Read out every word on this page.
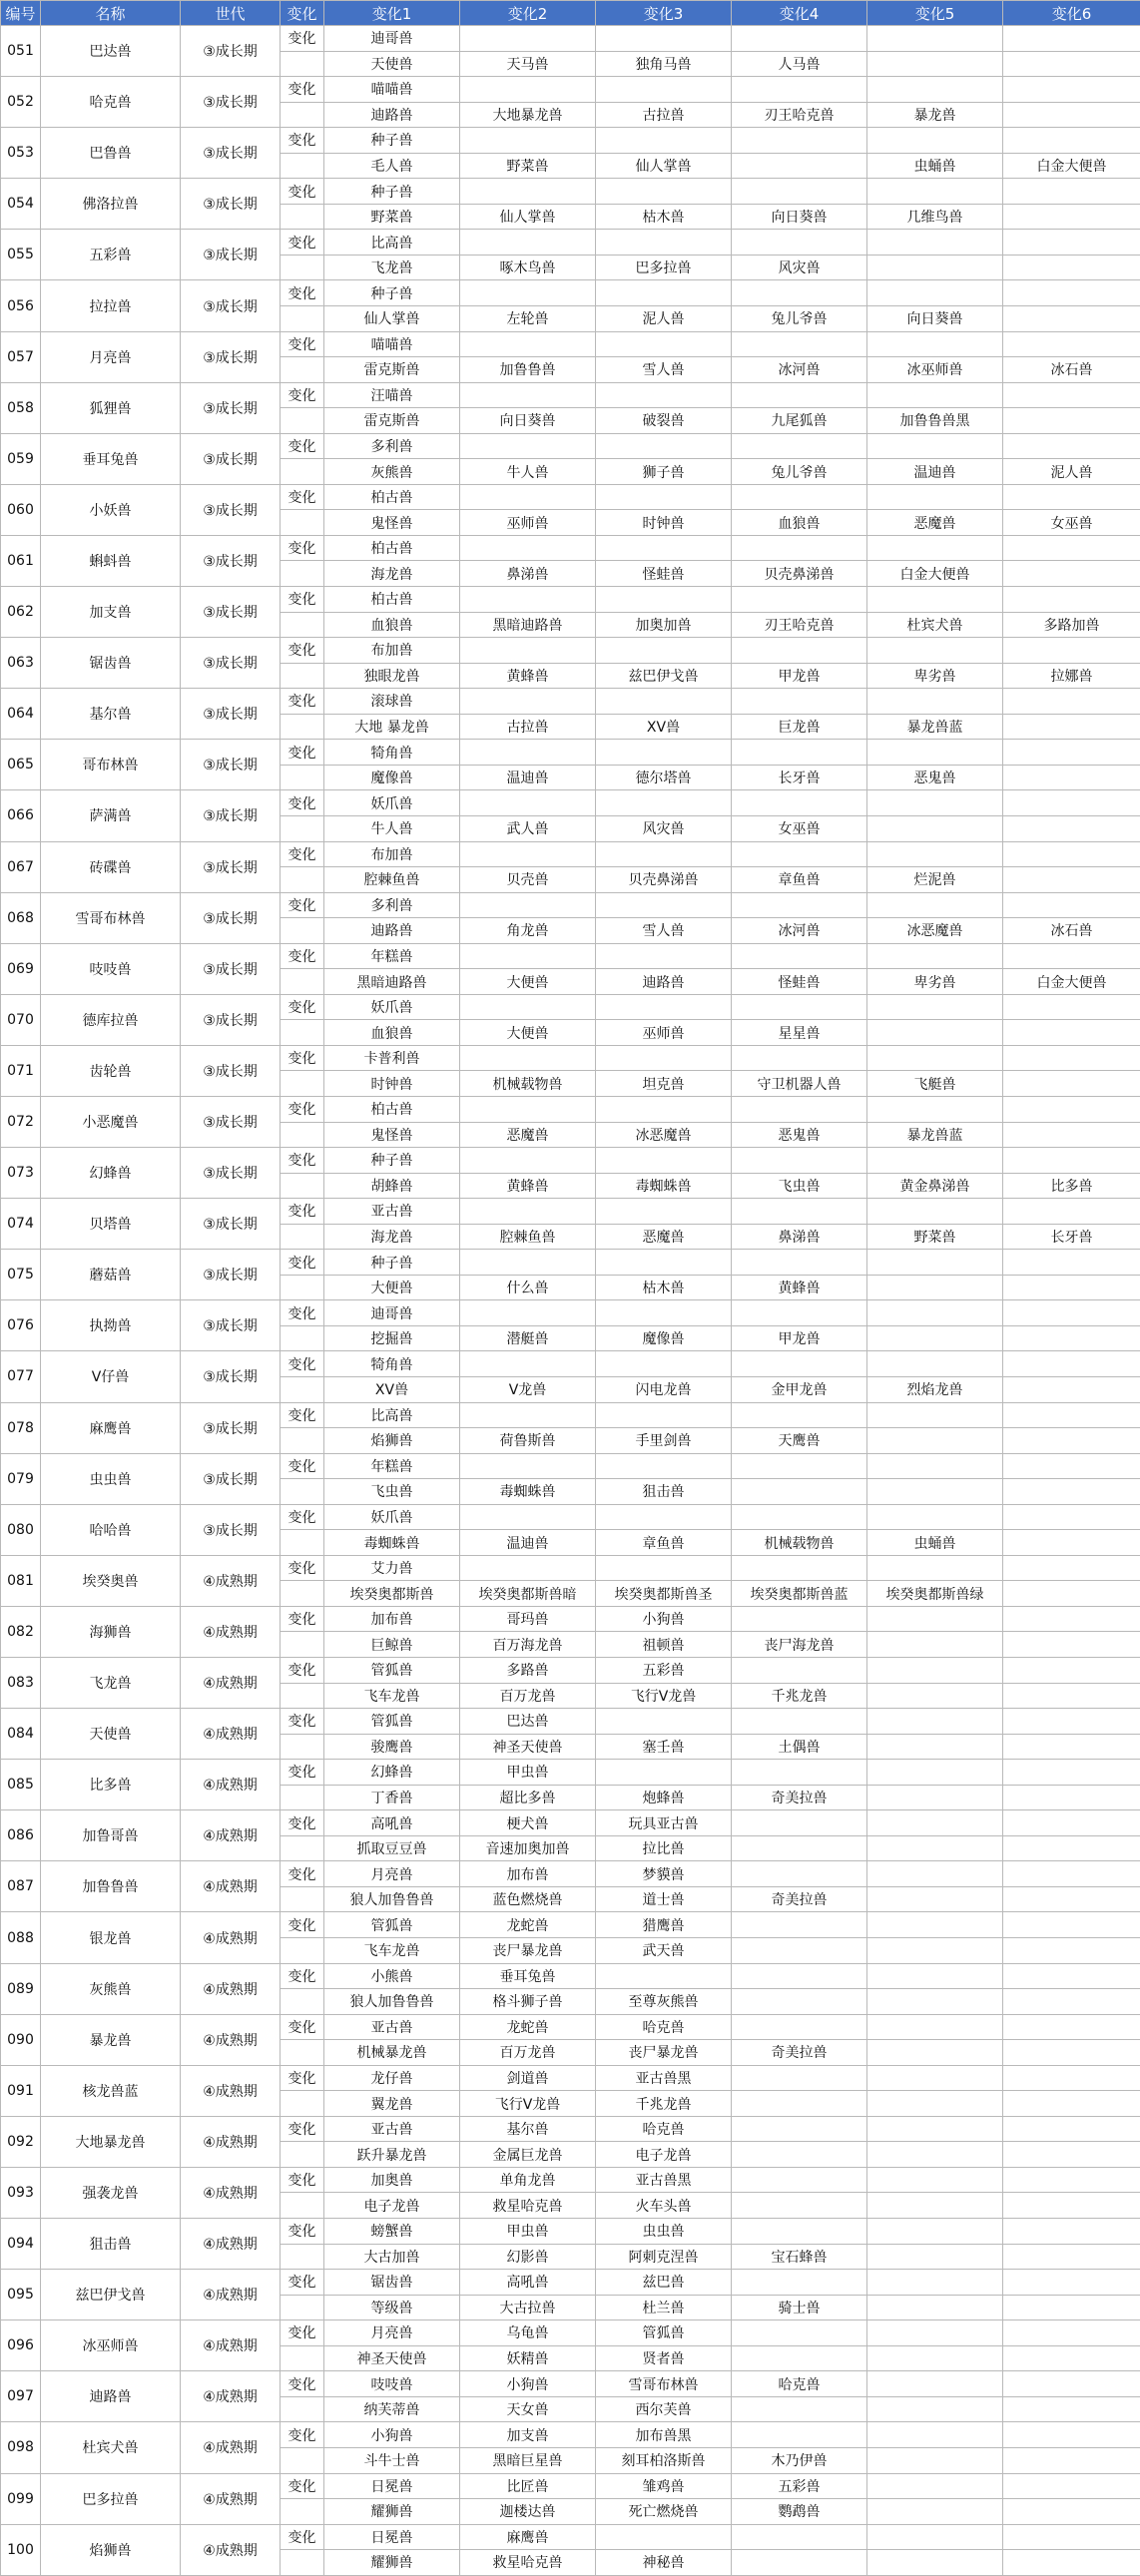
编号	名称	世代	变化	变化1	变化2	变化3	变化4	变化5	变化6
051	巴达兽	③成长期	变化	迪哥兽					
				天使兽	天马兽	独角马兽	人马兽		
052	哈克兽	③成长期	变化	喵喵兽					
				迪路兽	大地暴龙兽	古拉兽	刃王哈克兽	暴龙兽	
053	巴鲁兽	③成长期	变化	种子兽					
				毛人兽	野菜兽	仙人掌兽		虫蛹兽	白金大便兽
054	佛洛拉兽	③成长期	变化	种子兽					
				野菜兽	仙人掌兽	枯木兽	向日葵兽	几维鸟兽	
055	五彩兽	③成长期	变化	比高兽					
				飞龙兽	啄木鸟兽	巴多拉兽	风灾兽		
056	拉拉兽	③成长期	变化	种子兽					
				仙人掌兽	左轮兽	泥人兽	兔儿爷兽	向日葵兽	
057	月亮兽	③成长期	变化	喵喵兽					
				雷克斯兽	加鲁鲁兽	雪人兽	冰河兽	冰巫师兽	冰石兽
058	狐狸兽	③成长期	变化	汪喵兽					
				雷克斯兽	向日葵兽	破裂兽	九尾狐兽	加鲁鲁兽黑	
059	垂耳兔兽	③成长期	变化	多利兽					
				灰熊兽	牛人兽	狮子兽	兔儿爷兽	温迪兽	泥人兽
060	小妖兽	③成长期	变化	柏古兽					
				鬼怪兽	巫师兽	时钟兽	血狼兽	恶魔兽	女巫兽
061	蝌蚪兽	③成长期	变化	柏古兽					
				海龙兽	鼻涕兽	怪蛙兽	贝壳鼻涕兽	白金大便兽	
062	加支兽	③成长期	变化	柏古兽					
				血狼兽	黑暗迪路兽	加奥加兽	刃王哈克兽	杜宾犬兽	多路加兽
063	锯齿兽	③成长期	变化	布加兽					
				独眼龙兽	黄蜂兽	兹巴伊戈兽	甲龙兽	卑劣兽	拉娜兽
064	基尔兽	③成长期	变化	滚球兽					
				大地 暴龙兽	古拉兽	XV兽	巨龙兽	暴龙兽蓝	
065	哥布林兽	③成长期	变化	犄角兽					
				魔像兽	温迪兽	德尔塔兽	长牙兽	恶鬼兽	
066	萨满兽	③成长期	变化	妖爪兽					
				牛人兽	武人兽	风灾兽	女巫兽		
067	砖碟兽	③成长期	变化	布加兽					
				腔棘鱼兽	贝壳兽	贝壳鼻涕兽	章鱼兽	烂泥兽	
068	雪哥布林兽	③成长期	变化	多利兽					
				迪路兽	角龙兽	雪人兽	冰河兽	冰恶魔兽	冰石兽
069	吱吱兽	③成长期	变化	年糕兽					
				黑暗迪路兽	大便兽	迪路兽	怪蛙兽	卑劣兽	白金大便兽
070	德库拉兽	③成长期	变化	妖爪兽					
				血狼兽	大便兽	巫师兽	星星兽		
071	齿轮兽	③成长期	变化	卡普利兽					
				时钟兽	机械载物兽	坦克兽	守卫机器人兽	飞艇兽	
072	小恶魔兽	③成长期	变化	柏古兽					
				鬼怪兽	恶魔兽	冰恶魔兽	恶鬼兽	暴龙兽蓝	
073	幻蜂兽	③成长期	变化	种子兽					
				胡蜂兽	黄蜂兽	毒蜘蛛兽	飞虫兽	黄金鼻涕兽	比多兽
074	贝塔兽	③成长期	变化	亚古兽					
				海龙兽	腔棘鱼兽	恶魔兽	鼻涕兽	野菜兽	长牙兽
075	蘑菇兽	③成长期	变化	种子兽					
				大便兽	什么兽	枯木兽	黄蜂兽		
076	执拗兽	③成长期	变化	迪哥兽					
				挖掘兽	潜艇兽	魔像兽	甲龙兽		
077	V仔兽	③成长期	变化	犄角兽					
				XV兽	V龙兽	闪电龙兽	金甲龙兽	烈焰龙兽	
078	麻鹰兽	③成长期	变化	比高兽					
				焰狮兽	荷鲁斯兽	手里剑兽	天鹰兽		
079	虫虫兽	③成长期	变化	年糕兽					
				飞虫兽	毒蜘蛛兽	狙击兽			
080	哈哈兽	③成长期	变化	妖爪兽					
				毒蜘蛛兽	温迪兽	章鱼兽	机械载物兽	虫蛹兽	
081	埃癸奥兽	④成熟期	变化	艾力兽					
				埃癸奥都斯兽	埃癸奥都斯兽暗	埃癸奥都斯兽圣	埃癸奥都斯兽蓝	埃癸奥都斯兽绿	
082	海狮兽	④成熟期	变化	加布兽	哥玛兽	小狗兽			
				巨鲸兽	百万海龙兽	祖顿兽	丧尸海龙兽		
083	飞龙兽	④成熟期	变化	管狐兽	多路兽	五彩兽			
				飞车龙兽	百万龙兽	飞行V龙兽	千兆龙兽		
084	天使兽	④成熟期	变化	管狐兽	巴达兽				
				骏鹰兽	神圣天使兽	塞壬兽	土偶兽		
085	比多兽	④成熟期	变化	幻蜂兽	甲虫兽				
				丁香兽	超比多兽	炮蜂兽	奇美拉兽		
086	加鲁哥兽	④成熟期	变化	高吼兽	梗犬兽	玩具亚古兽			
				抓取豆豆兽	音速加奥加兽	拉比兽			
087	加鲁鲁兽	④成熟期	变化	月亮兽	加布兽	梦貘兽			
				狼人加鲁鲁兽	蓝色燃烧兽	道士兽	奇美拉兽		
088	银龙兽	④成熟期	变化	管狐兽	龙蛇兽	猎鹰兽			
				飞车龙兽	丧尸暴龙兽	武天兽			
089	灰熊兽	④成熟期	变化	小熊兽	垂耳兔兽				
				狼人加鲁鲁兽	格斗狮子兽	至尊灰熊兽			
090	暴龙兽	④成熟期	变化	亚古兽	龙蛇兽	哈克兽			
				机械暴龙兽	百万龙兽	丧尸暴龙兽	奇美拉兽		
091	核龙兽蓝	④成熟期	变化	龙仔兽	剑道兽	亚古兽黑			
				翼龙兽	飞行V龙兽	千兆龙兽			
092	大地暴龙兽	④成熟期	变化	亚古兽	基尔兽	哈克兽			
				跃升暴龙兽	金属巨龙兽	电子龙兽			
093	强袭龙兽	④成熟期	变化	加奥兽	单角龙兽	亚古兽黑			
				电子龙兽	救星哈克兽	火车头兽			
094	狙击兽	④成熟期	变化	螃蟹兽	甲虫兽	虫虫兽			
				大古加兽	幻影兽	阿刺克涅兽	宝石蜂兽		
095	兹巴伊戈兽	④成熟期	变化	锯齿兽	高吼兽	兹巴兽			
				等级兽	大古拉兽	杜兰兽	骑士兽		
096	冰巫师兽	④成熟期	变化	月亮兽	乌龟兽	管狐兽			
				神圣天使兽	妖精兽	贤者兽			
097	迪路兽	④成熟期	变化	吱吱兽	小狗兽	雪哥布林兽	哈克兽		
				纳芙蒂兽	天女兽	西尔芙兽			
098	杜宾犬兽	④成熟期	变化	小狗兽	加支兽	加布兽黑			
				斗牛士兽	黑暗巨星兽	刻耳柏洛斯兽	木乃伊兽		
099	巴多拉兽	④成熟期	变化	日冕兽	比匠兽	雏鸡兽	五彩兽		
				耀狮兽	迦楼达兽	死亡燃烧兽	鹦鹉兽		
100	焰狮兽	④成熟期	变化	日冕兽	麻鹰兽				
				耀狮兽	救星哈克兽	神秘兽			
